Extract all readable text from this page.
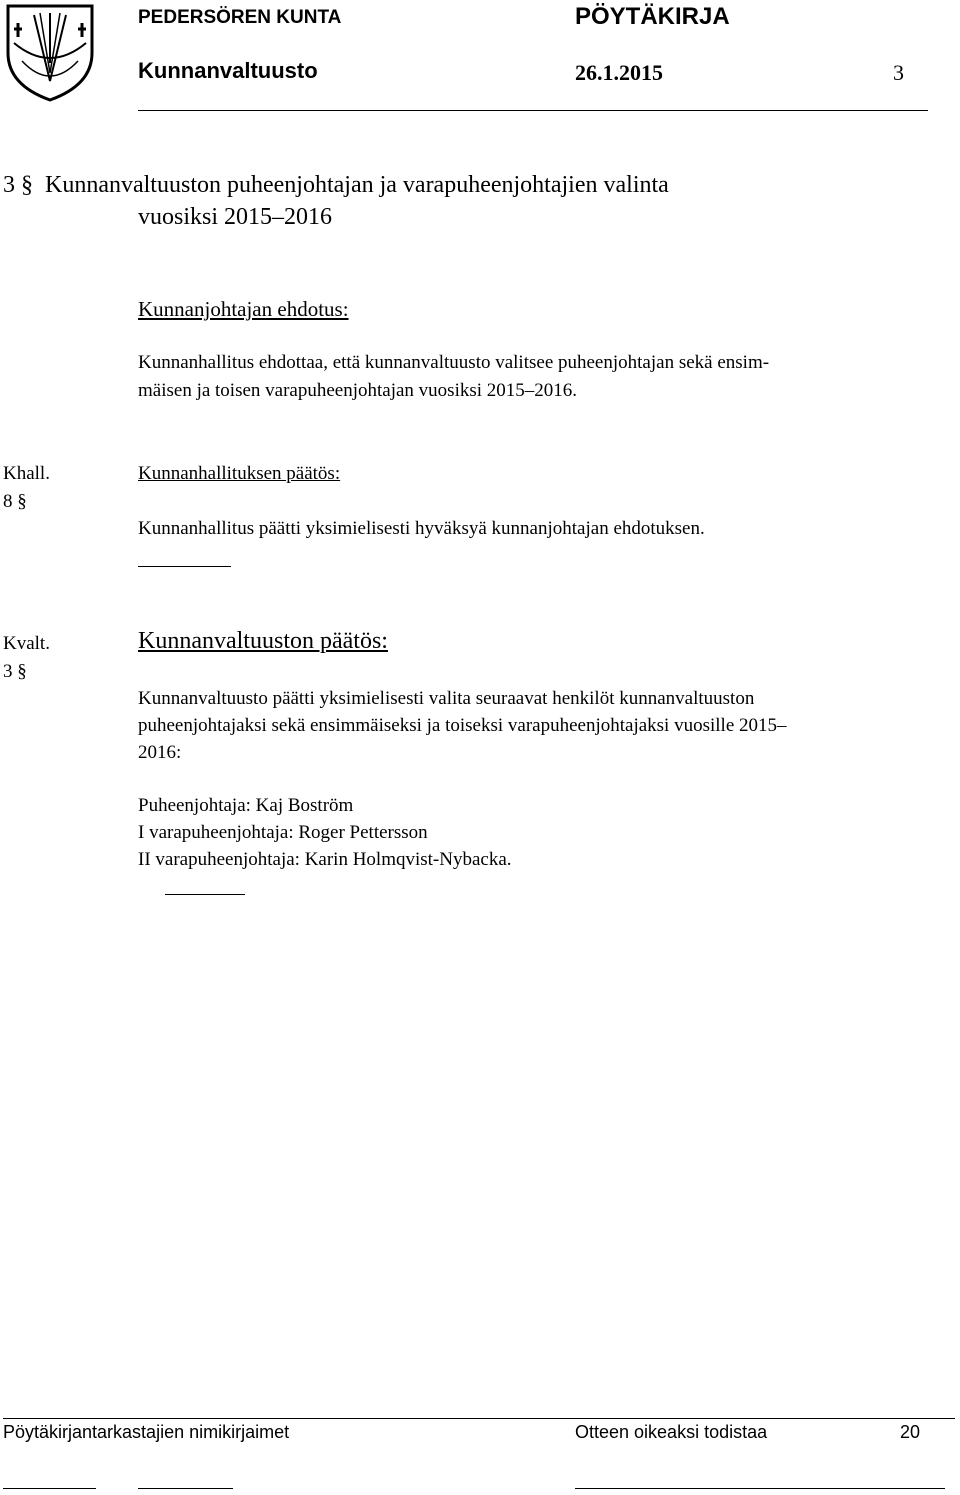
PEDERSÖREN KUNTA	PÖYTÄKIRJA
Kunnanvaltuusto	26.1.2015	3
3 §  Kunnanvaltuuston puheenjohtajan ja varapuheenjohtajien valinta
vuosiksi 2015–2016
Kunnanjohtajan ehdotus:
Kunnanhallitus ehdottaa, että kunnanvaltuusto valitsee puheenjohtajan sekä ensim-
mäisen ja toisen varapuheenjohtajan vuosiksi 2015–2016.
Khall.
8 §
Kunnanhallituksen päätös:
Kunnanhallitus päätti yksimielisesti hyväksyä kunnanjohtajan ehdotuksen.
Kvalt.
3 §
Kunnanvaltuuston päätös:
Kunnanvaltuusto päätti yksimielisesti valita seuraavat henkilöt kunnanvaltuuston
puheenjohtajaksi sekä ensimmäiseksi ja toiseksi varapuheenjohtajaksi vuosille 2015–
2016:
Puheenjohtaja: Kaj Boström
I varapuheenjohtaja: Roger Pettersson
II varapuheenjohtaja: Karin Holmqvist-Nybacka.
Pöytäkirjantarkastajien nimikirjaimet	Otteen oikeaksi todistaa	20
